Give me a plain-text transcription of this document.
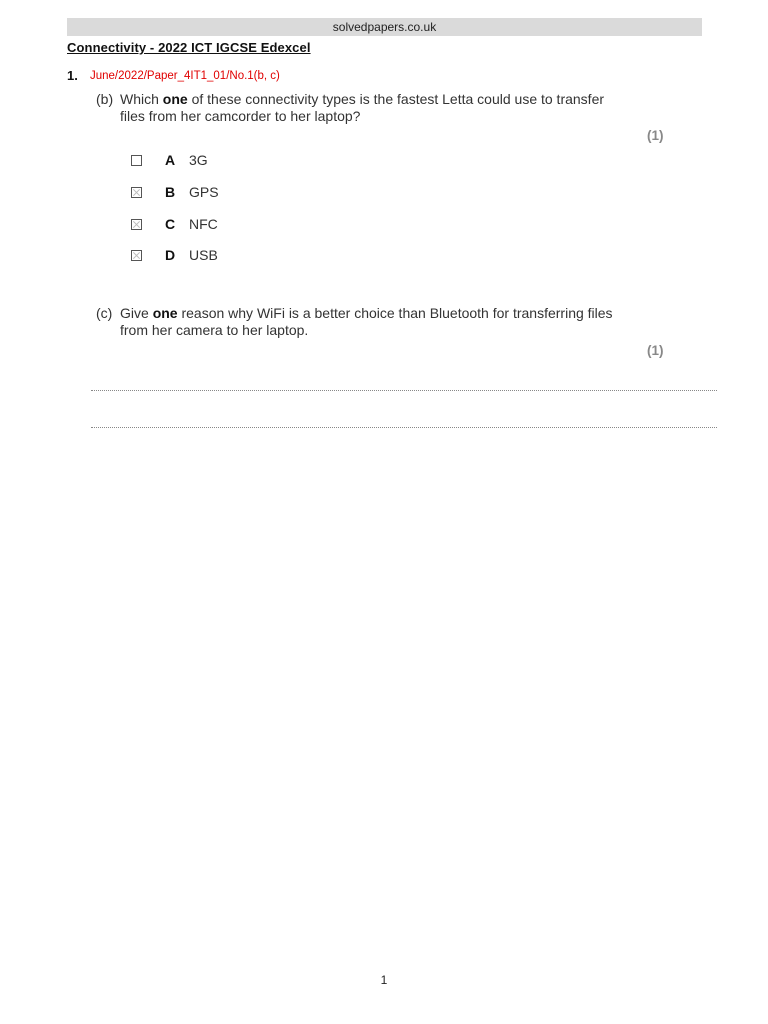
solvedpapers.co.uk
Connectivity - 2022 ICT IGCSE Edexcel
1. June/2022/Paper_4IT1_01/No.1(b, c)
(b) Which one of these connectivity types is the fastest Letta could use to transfer
files from her camcorder to her laptop?
(1)
A 3G
B GPS
C NFC
D USB
(c) Give one reason why WiFi is a better choice than Bluetooth for transferring files
from her camera to her laptop.
(1)
1
